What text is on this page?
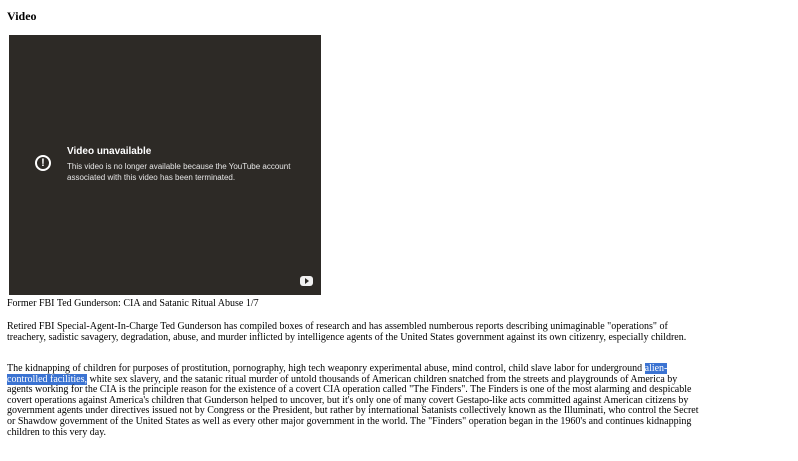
Video
!

Video unavailable

This video is no longer available because the YouTube account associated with this video has been terminated.

Former FBI Ted Gunderson: CIA and Satanic Ritual Abuse 1/7

Retired FBI Special-Agent-In-Charge Ted Gunderson has compiled boxes of research and has assembled numberous reports describing unimaginable "operations" of
treachery, sadistic savagery, degradation, abuse, and murder inflicted by intelligence agents of the United States government against its own citizenry, especially children.

The kidnapping of children for purposes of prostitution, pornography, high tech weaponry experimental abuse, mind control, child slave labor for underground alien-
controlled facilities, white sex slavery, and the satanic ritual murder of untold thousands of American children snatched from the streets and playgrounds of America by
agents working for the CIA is the principle reason for the existence of a covert CIA operation called "The Finders". The Finders is one of the most alarming and despicable
covert operations against America's children that Gunderson helped to uncover, but it's only one of many covert Gestapo-like acts committed against American citizens by
government agents under directives issued not by Congress or the President, but rather by international Satanists collectively known as the Illuminati, who control the Secret
or Shawdow government of the United States as well as every other major government in the world. The "Finders" operation began in the 1960's and continues kidnapping
children to this very day.
